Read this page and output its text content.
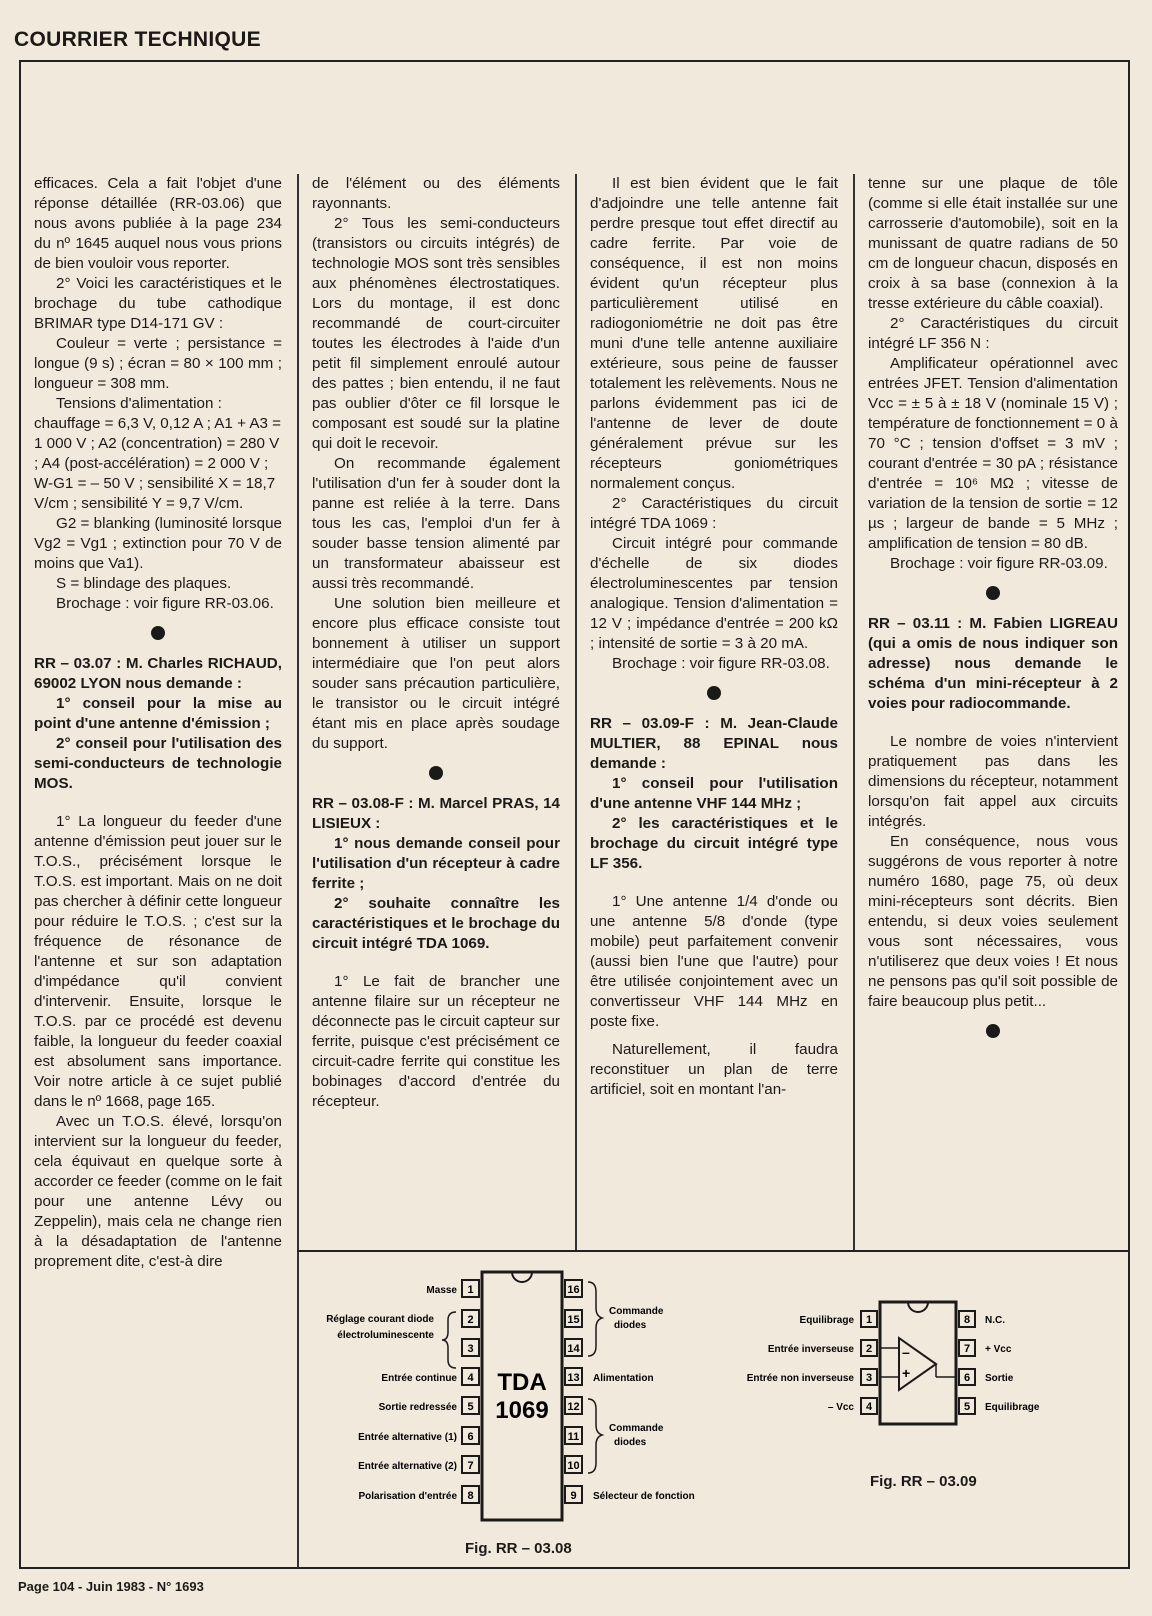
COURRIER TECHNIQUE

efficaces. Cela a fait l'objet d'une réponse détaillée (RR-03.06) que nous avons publiée à la page 234 du nº 1645 auquel nous vous prions de bien vouloir vous reporter.

2° Voici les caractéristiques et le brochage du tube cathodique BRIMAR type D14-171 GV :

Couleur = verte ; persistance = longue (9 s) ; écran = 80 × 100 mm ; longueur = 308 mm.

Tensions d'alimentation : chauffage = 6,3 V, 0,12 A ; A1 + A3 = 1 000 V ; A2 (concentration) = 280 V ; A4 (post-accélération) = 2 000 V ; W-G1 = – 50 V ; sensibilité X = 18,7 V/cm ; sensibilité Y = 9,7 V/cm.

G2 = blanking (luminosité lorsque Vg2 = Vg1 ; extinction pour 70 V de moins que Va1).

S = blindage des plaques.

Brochage : voir figure RR-03.06.

RR – 03.07 : M. Charles RICHAUD, 69002 LYON nous demande :

1° conseil pour la mise au point d'une antenne d'émission ;

2° conseil pour l'utilisation des semi-conducteurs de technologie MOS.

1° La longueur du feeder d'une antenne d'émission peut jouer sur le T.O.S., précisément lorsque le T.O.S. est important. Mais on ne doit pas chercher à définir cette longueur pour réduire le T.O.S. ; c'est sur la fréquence de résonance de l'antenne et sur son adaptation d'impédance qu'il convient d'intervenir. Ensuite, lorsque le T.O.S. par ce procédé est devenu faible, la longueur du feeder coaxial est absolument sans importance. Voir notre article à ce sujet publié dans le nº 1668, page 165.

Avec un T.O.S. élevé, lorsqu'on intervient sur la longueur du feeder, cela équivaut en quelque sorte à accorder ce feeder (comme on le fait pour une antenne Lévy ou Zeppelin), mais cela ne change rien à la désadaptation de l'antenne proprement dite, c'est-à dire

de l'élément ou des éléments rayonnants.

2° Tous les semi-conducteurs (transistors ou circuits intégrés) de technologie MOS sont très sensibles aux phénomènes électrostatiques. Lors du montage, il est donc recommandé de court-circuiter toutes les électrodes à l'aide d'un petit fil simplement enroulé autour des pattes ; bien entendu, il ne faut pas oublier d'ôter ce fil lorsque le composant est soudé sur la platine qui doit le recevoir.

On recommande également l'utilisation d'un fer à souder dont la panne est reliée à la terre. Dans tous les cas, l'emploi d'un fer à souder basse tension alimenté par un transformateur abaisseur est aussi très recommandé.

Une solution bien meilleure et encore plus efficace consiste tout bonnement à utiliser un support intermédiaire que l'on peut alors souder sans précaution particulière, le transistor ou le circuit intégré étant mis en place après soudage du support.

RR – 03.08-F : M. Marcel PRAS, 14 LISIEUX :

1° nous demande conseil pour l'utilisation d'un récepteur à cadre ferrite ;

2° souhaite connaître les caractéristiques et le brochage du circuit intégré TDA 1069.

1° Le fait de brancher une antenne filaire sur un récepteur ne déconnecte pas le circuit capteur sur ferrite, puisque c'est précisément ce circuit-cadre ferrite qui constitue les bobinages d'accord d'entrée du récepteur.

Il est bien évident que le fait d'adjoindre une telle antenne fait perdre presque tout effet directif au cadre ferrite. Par voie de conséquence, il est non moins évident qu'un récepteur plus particulièrement utilisé en radiogoniométrie ne doit pas être muni d'une telle antenne auxiliaire extérieure, sous peine de fausser totalement les relèvements. Nous ne parlons évidemment pas ici de l'antenne de lever de doute généralement prévue sur les récepteurs goniométriques normalement conçus.

2° Caractéristiques du circuit intégré TDA 1069 :

Circuit intégré pour commande d'échelle de six diodes électroluminescentes par tension analogique. Tension d'alimentation = 12 V ; impédance d'entrée = 200 kΩ ; intensité de sortie = 3 à 20 mA.

Brochage : voir figure RR-03.08.

RR – 03.09-F : M. Jean-Claude MULTIER, 88 EPINAL nous demande :

1° conseil pour l'utilisation d'une antenne VHF 144 MHz ;

2° les caractéristiques et le brochage du circuit intégré type LF 356.

1° Une antenne 1/4 d'onde ou une antenne 5/8 d'onde (type mobile) peut parfaitement convenir (aussi bien l'une que l'autre) pour être utilisée conjointement avec un convertisseur VHF 144 MHz en poste fixe.

Naturellement, il faudra reconstituer un plan de terre artificiel, soit en montant l'an-

tenne sur une plaque de tôle (comme si elle était installée sur une carrosserie d'automobile), soit en la munissant de quatre radians de 50 cm de longueur chacun, disposés en croix à sa base (connexion à la tresse extérieure du câble coaxial).

2° Caractéristiques du circuit intégré LF 356 N :

Amplificateur opérationnel avec entrées JFET. Tension d'alimentation Vcc = ± 5 à ± 18 V (nominale 15 V) ; température de fonctionnement = 0 à 70 °C ; tension d'offset = 3 mV ; courant d'entrée = 30 pA ; résistance d'entrée = 10⁶ MΩ ; vitesse de variation de la tension de sortie = 12 µs ; largeur de bande = 5 MHz ; amplification de tension = 80 dB.

Brochage : voir figure RR-03.09.

RR – 03.11 : M. Fabien LIGREAU (qui a omis de nous indiquer son adresse) nous demande le schéma d'un mini-récepteur à 2 voies pour radiocommande.

Le nombre de voies n'intervient pratiquement pas dans les dimensions du récepteur, notamment lorsqu'on fait appel aux circuits intégrés.

En conséquence, nous vous suggérons de vous reporter à notre numéro 1680, page 75, où deux mini-récepteurs sont décrits. Bien entendu, si deux voies seulement vous sont nécessaires, vous n'utiliserez que deux voies ! Et nous ne pensons pas qu'il soit possible de faire beaucoup plus petit...

TDA
1069
1
2
3
4
5
6
7
8
16
15
14
13
12
11
10
9
Masse
Réglage courant diode
électroluminescente
Entrée continue
Sortie redressée
Entrée alternative (1)
Entrée alternative (2)
Polarisation d'entrée
Commande
diodes
Alimentation
Commande
diodes
Sélecteur de fonction
–
+
1
2
3
4
8
7
6
5
Equilibrage
Entrée inverseuse
Entrée non inverseuse
– Vcc
N.C.
+ Vcc
Sortie
Equilibrage
Fig. RR – 03.08
Fig. RR – 03.09
Page 104 - Juin 1983 - N° 1693
